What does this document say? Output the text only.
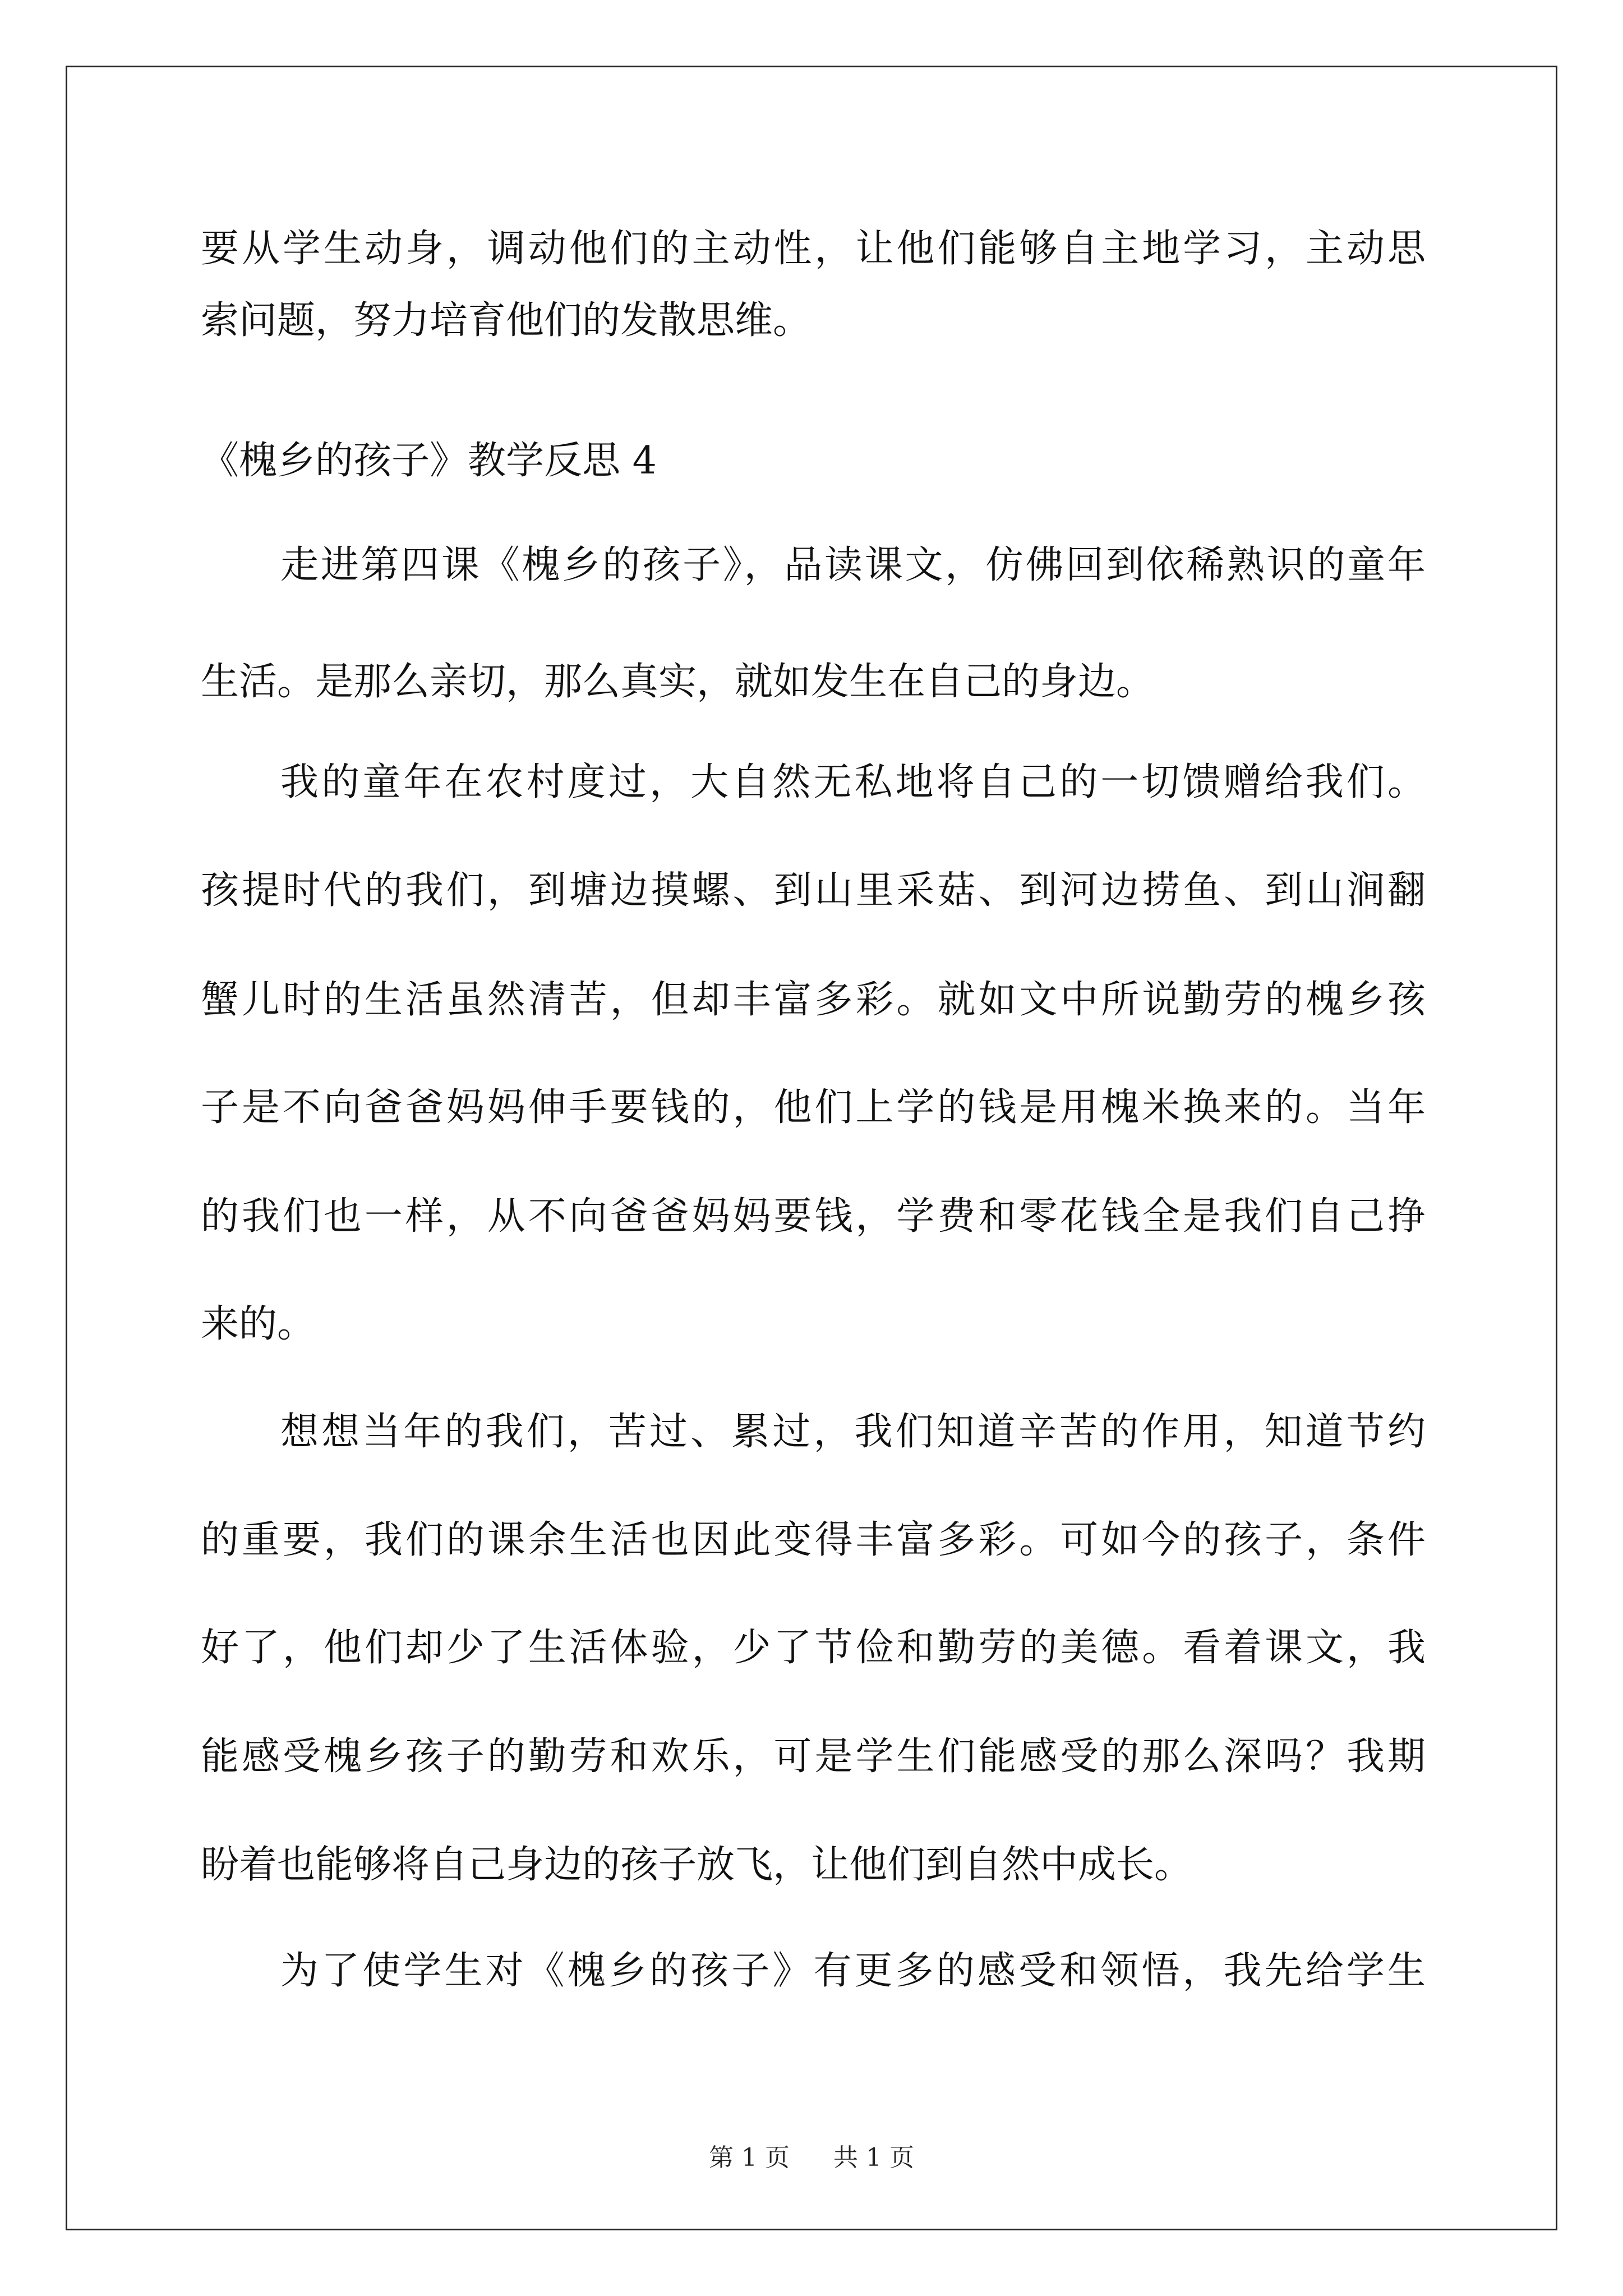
要从学生动身，调动他们的主动性，让他们能够自主地学习，主动思
索问题，努力培育他们的发散思维。
《槐乡的孩子》教学反思 4
走进第四课《槐乡的孩子》，品读课文，仿佛回到依稀熟识的童年
生活。是那么亲切，那么真实，就如发生在自己的身边。
我的童年在农村度过，大自然无私地将自己的一切馈赠给我们。
孩提时代的我们，到塘边摸螺、到山里采菇、到河边捞鱼、到山涧翻
蟹儿时的生活虽然清苦，但却丰富多彩。就如文中所说勤劳的槐乡孩
子是不向爸爸妈妈伸手要钱的，他们上学的钱是用槐米换来的。当年
的我们也一样，从不向爸爸妈妈要钱，学费和零花钱全是我们自己挣
来的。
想想当年的我们，苦过、累过，我们知道辛苦的作用，知道节约
的重要，我们的课余生活也因此变得丰富多彩。可如今的孩子，条件
好了，他们却少了生活体验，少了节俭和勤劳的美德。看着课文，我
能感受槐乡孩子的勤劳和欢乐，可是学生们能感受的那么深吗？我期
盼着也能够将自己身边的孩子放飞，让他们到自然中成长。
为了使学生对《槐乡的孩子》有更多的感受和领悟，我先给学生
第 1 页 共 1 页
